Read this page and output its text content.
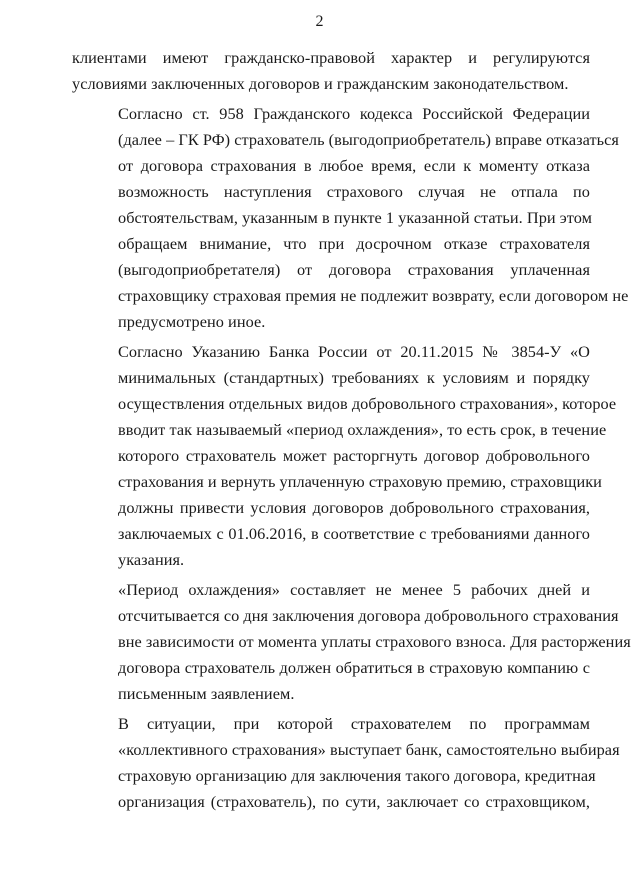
2

клиентами имеют гражданско-правовой характер и регулируются
условиями заключенных договоров и гражданским законодательством.

Согласно ст. 958 Гражданского кодекса Российской Федерации
(далее – ГК РФ) страхователь (выгодоприобретатель) вправе отказаться
от договора страхования в любое время, если к моменту отказа
возможность наступления страхового случая не отпала по
обстоятельствам, указанным в пункте 1 указанной статьи. При этом
обращаем внимание, что при досрочном отказе страхователя
(выгодоприобретателя) от договора страхования уплаченная
страховщику страховая премия не подлежит возврату, если договором не
предусмотрено иное.

Согласно Указанию Банка России от 20.11.2015 № 3854-У «О
минимальных (стандартных) требованиях к условиям и порядку
осуществления отдельных видов добровольного страхования», которое
вводит так называемый «период охлаждения», то есть срок, в течение
которого страхователь может расторгнуть договор добровольного
страхования и вернуть уплаченную страховую премию, страховщики
должны привести условия договоров добровольного страхования,
заключаемых с 01.06.2016, в соответствие с требованиями данного
указания.

«Период охлаждения» составляет не менее 5 рабочих дней и
отсчитывается со дня заключения договора добровольного страхования
вне зависимости от момента уплаты страхового взноса. Для расторжения
договора страхователь должен обратиться в страховую компанию с
письменным заявлением.

В ситуации, при которой страхователем по программам
«коллективного страхования» выступает банк, самостоятельно выбирая
страховую организацию для заключения такого договора, кредитная
организация (страхователь), по сути, заключает со страховщиком,
